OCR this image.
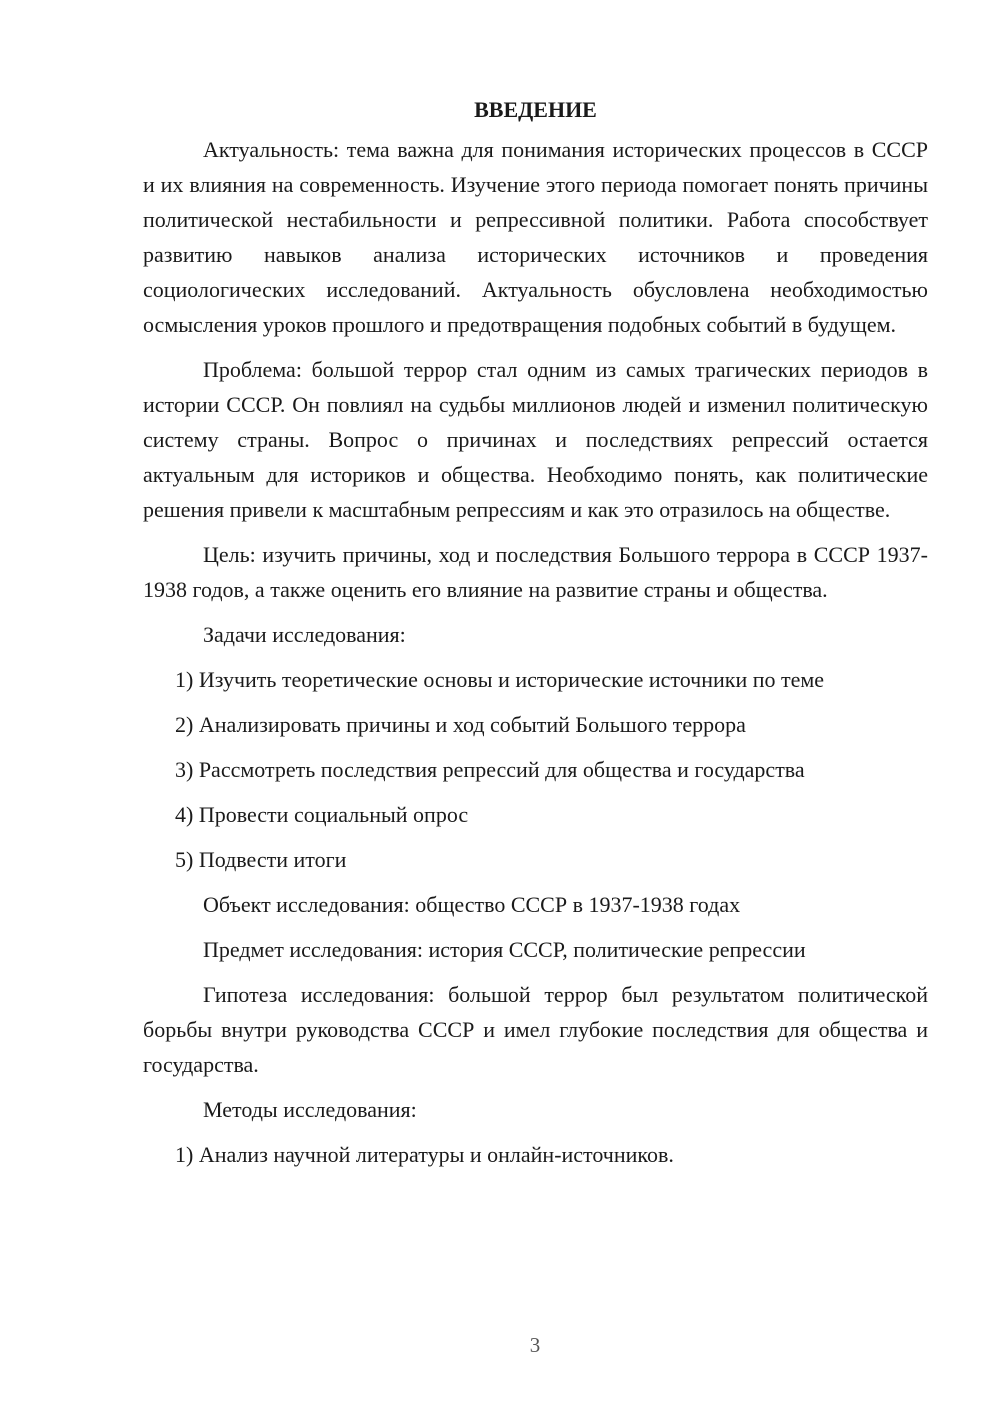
ВВЕДЕНИЕ

Актуальность: тема важна для понимания исторических процессов в СССР и их влияния на современность. Изучение этого периода помогает понять причины политической нестабильности и репрессивной политики. Работа способствует развитию навыков анализа исторических источников и проведения социологических исследований. Актуальность обусловлена необходимостью осмысления уроков прошлого и предотвращения подобных событий в будущем.

Проблема: большой террор стал одним из самых трагических периодов в истории СССР. Он повлиял на судьбы миллионов людей и изменил политическую систему страны. Вопрос о причинах и последствиях репрессий остается актуальным для историков и общества. Необходимо понять, как политические решения привели к масштабным репрессиям и как это отразилось на обществе.

Цель: изучить причины, ход и последствия Большого террора в СССР 1937-1938 годов, а также оценить его влияние на развитие страны и общества.

Задачи исследования:
1) Изучить теоретические основы и исторические источники по теме
2) Анализировать причины и ход событий Большого террора
3) Рассмотреть последствия репрессий для общества и государства
4) Провести социальный опрос
5) Подвести итоги
Объект исследования: общество СССР в 1937-1938 годах
Предмет исследования: история СССР, политические репрессии

Гипотеза исследования: большой террор был результатом политической борьбы внутри руководства СССР и имел глубокие последствия для общества и государства.

Методы исследования:
1) Анализ научной литературы и онлайн-источников.
3
